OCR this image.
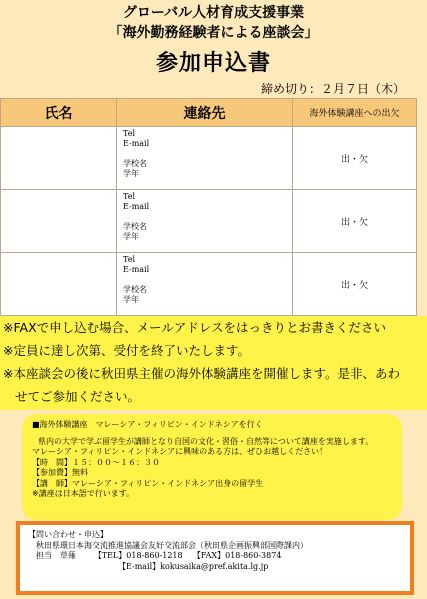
グローバル人材育成支援事業
「海外勤務経験者による座談会」
参加申込書
締め切り：２月７日（木）
氏名	連絡先	海外体験講座への出欠

	Tel
E-mail
学校名
学年	出・欠

	Tel
E-mail
学校名
学年	出・欠

	Tel
E-mail
学校名
学年	出・欠
※FAXで申し込む場合、メールアドレスをはっきりとお書きください
※定員に達し次第、受付を終了いたします。
※本座談会の後に秋田県主催の海外体験講座を開催します。是非、あわ
せてご参加ください。
■海外体験講座　マレーシア・フィリピン・インドネシアを行く
県内の大学で学ぶ留学生が講師となり自国の文化・習俗・自然等について講座を実施します。
マレーシア・フィリピン・インドネシアに興味のある方は、ぜひお越しください！
【時　間】１５：００～１６：３０
【参加費】無料
【講　師】マレーシア・フィリピン・インドネシア出身の留学生
※講座は日本語で行います。
【問い合わせ・申込】
秋田県環日本海交流推進協議会友好交流部会（秋田県企画振興部国際課内）
担当　草薙 【TEL】018-860-1218 【FAX】018-860-3874
【E-mail】kokusaika@pref.akita.lg.jp
